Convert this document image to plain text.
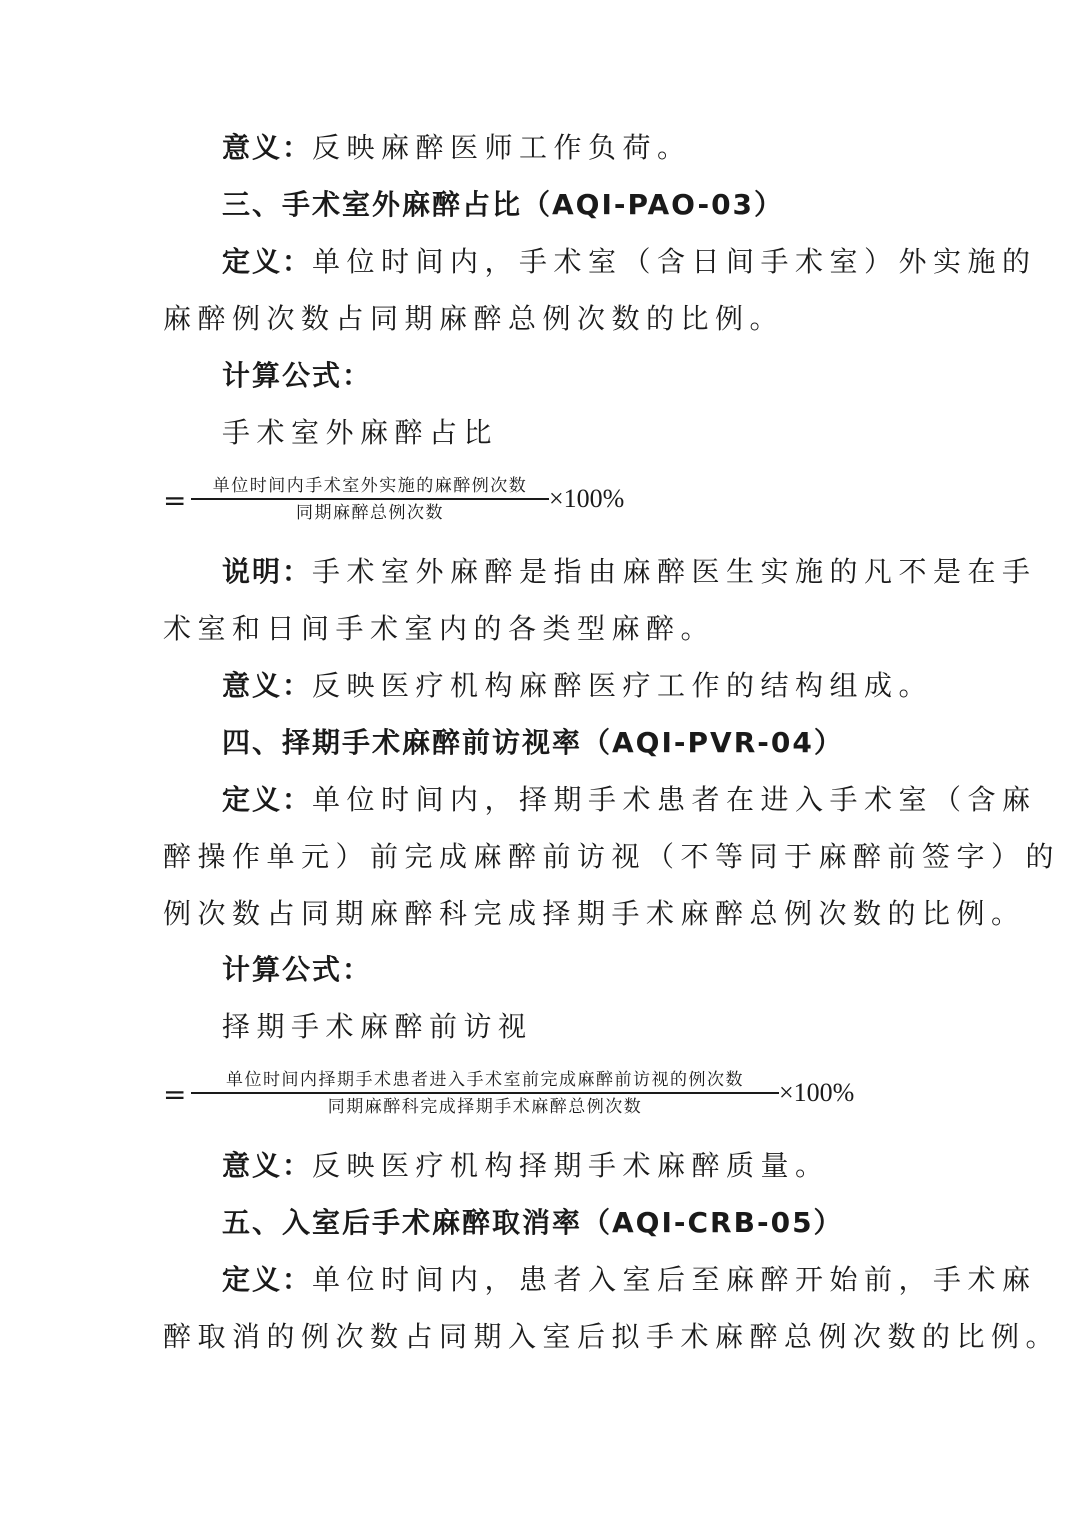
意义：反映麻醉医师工作负荷。
三、手术室外麻醉占比（AQI-PAO-03）
定义：单位时间内，手术室（含日间手术室）外实施的
麻醉例次数占同期麻醉总例次数的比例。
计算公式：
手术室外麻醉占比
=	单位时间内手术室外实施的麻醉例次数
同期麻醉总例次数	×100%
说明：手术室外麻醉是指由麻醉医生实施的凡不是在手
术室和日间手术室内的各类型麻醉。
意义：反映医疗机构麻醉医疗工作的结构组成。
四、择期手术麻醉前访视率（AQI-PVR-04）
定义：单位时间内，择期手术患者在进入手术室（含麻
醉操作单元）前完成麻醉前访视（不等同于麻醉前签字）的
例次数占同期麻醉科完成择期手术麻醉总例次数的比例。
计算公式：
择期手术麻醉前访视
=	单位时间内择期手术患者进入手术室前完成麻醉前访视的例次数
同期麻醉科完成择期手术麻醉总例次数	×100%
意义：反映医疗机构择期手术麻醉质量。
五、入室后手术麻醉取消率（AQI-CRB-05）
定义：单位时间内，患者入室后至麻醉开始前，手术麻
醉取消的例次数占同期入室后拟手术麻醉总例次数的比例。
